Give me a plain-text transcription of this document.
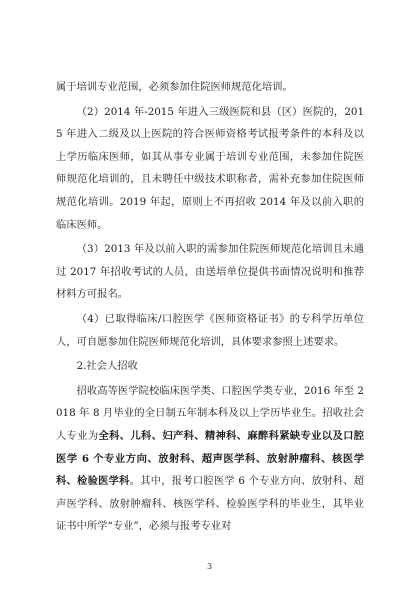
属于培训专业范围，必须参加住院医师规范化培训。

（2）2014 年-2015 年进入三级医院和县（区）医院的，2015 年进入二级及以上医院的符合医师资格考试报考条件的本科及以上学历临床医师，如其从事专业属于培训专业范围，未参加住院医师规范化培训的，且未聘任中级技术职称者，需补充参加住院医师规范化培训。2019 年起，原则上不再招收 2014 年及以前入职的临床医师。

（3）2013 年及以前入职的需参加住院医师规范化培训且未通过 2017 年招收考试的人员，由送培单位提供书面情况说明和推荐材料方可报名。

（4）已取得临床/口腔医学《医师资格证书》的专科学历单位人，可自愿参加住院医师规范化培训，具体要求参照上述要求。

2.社会人招收

招收高等医学院校临床医学类、口腔医学类专业，2016 年至 2018 年 8 月毕业的全日制五年制本科及以上学历毕业生。招收社会人专业为全科、儿科、妇产科、精神科、麻醉科紧缺专业以及口腔医学 6 个专业方向、放射科、超声医学科、放射肿瘤科、核医学科、检验医学科。其中，报考口腔医学 6 个专业方向、放射科、超声医学科、放射肿瘤科、核医学科、检验医学科的毕业生，其毕业证书中所学“专业”，必须与报考专业对

3
